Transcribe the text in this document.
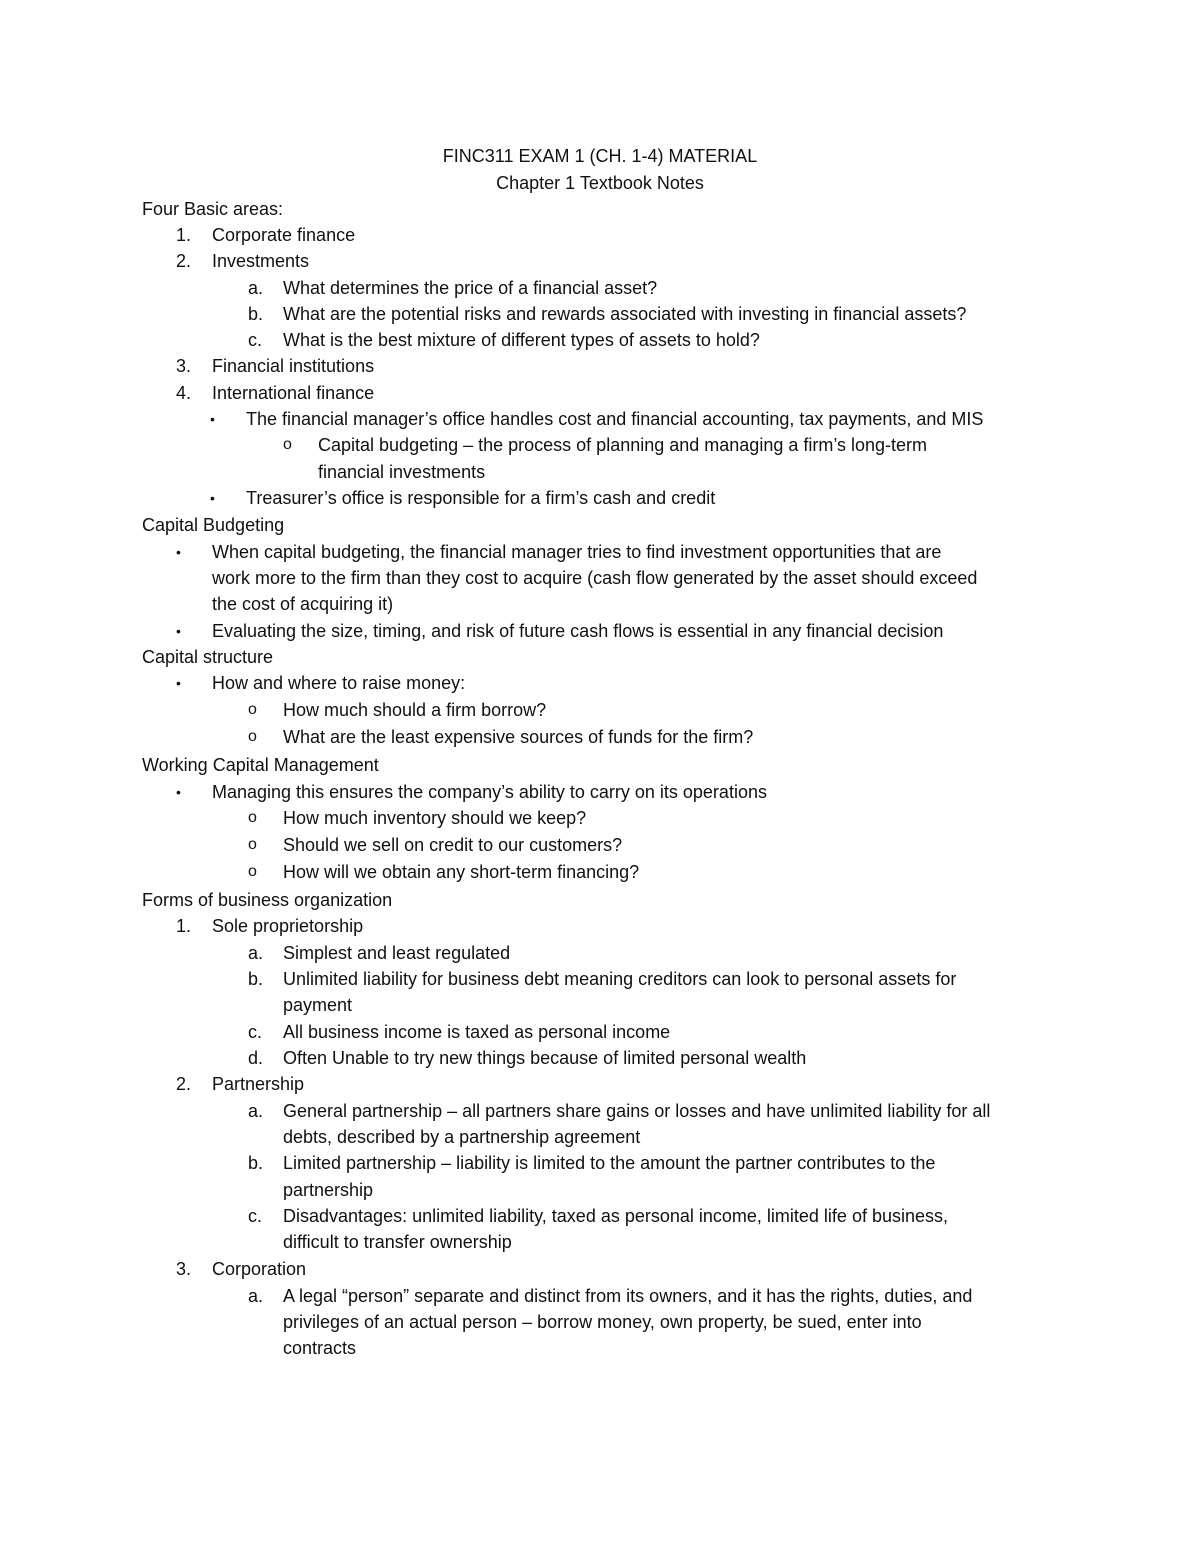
FINC311 EXAM 1 (CH. 1-4) MATERIAL
Chapter 1 Textbook Notes
Four Basic areas:
1. Corporate finance
2. Investments
a. What determines the price of a financial asset?
b. What are the potential risks and rewards associated with investing in financial assets?
c. What is the best mixture of different types of assets to hold?
3. Financial institutions
4. International finance
• The financial manager’s office handles cost and financial accounting, tax payments, and MIS
o Capital budgeting – the process of planning and managing a firm’s long-term
financial investments
• Treasurer’s office is responsible for a firm’s cash and credit
Capital Budgeting
• When capital budgeting, the financial manager tries to find investment opportunities that are
work more to the firm than they cost to acquire (cash flow generated by the asset should exceed
the cost of acquiring it)
• Evaluating the size, timing, and risk of future cash flows is essential in any financial decision
Capital structure
• How and where to raise money:
o How much should a firm borrow?
o What are the least expensive sources of funds for the firm?
Working Capital Management
• Managing this ensures the company’s ability to carry on its operations
o How much inventory should we keep?
o Should we sell on credit to our customers?
o How will we obtain any short-term financing?
Forms of business organization
1. Sole proprietorship
a. Simplest and least regulated
b. Unlimited liability for business debt meaning creditors can look to personal assets for
payment
c. All business income is taxed as personal income
d. Often Unable to try new things because of limited personal wealth
2. Partnership
a. General partnership – all partners share gains or losses and have unlimited liability for all
debts, described by a partnership agreement
b. Limited partnership – liability is limited to the amount the partner contributes to the
partnership
c. Disadvantages: unlimited liability, taxed as personal income, limited life of business,
difficult to transfer ownership
3. Corporation
a. A legal “person” separate and distinct from its owners, and it has the rights, duties, and
privileges of an actual person – borrow money, own property, be sued, enter into
contracts
